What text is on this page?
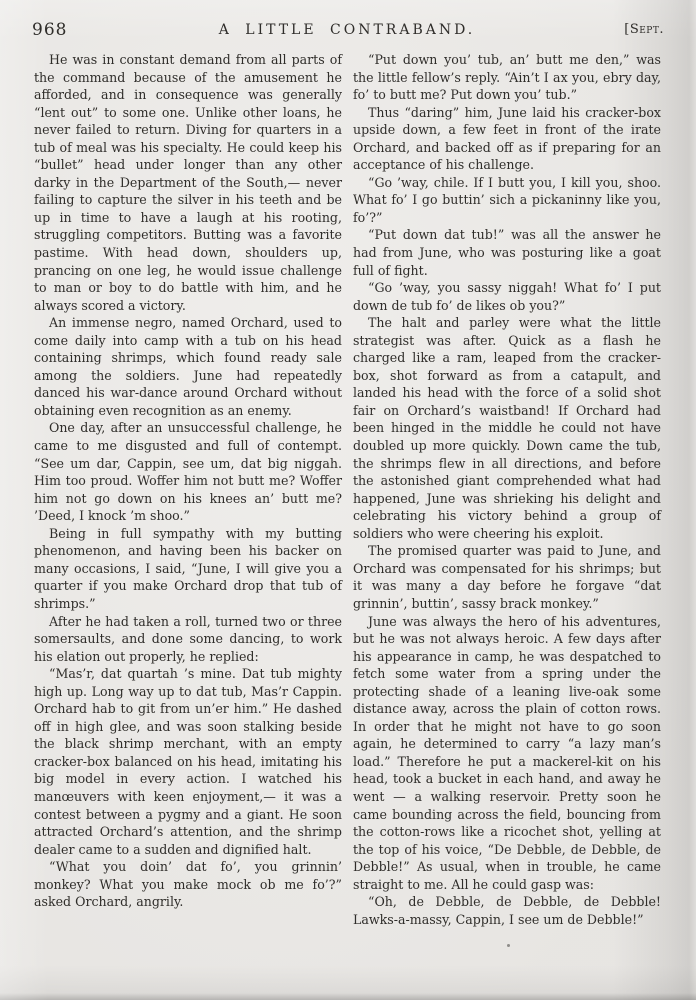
968	A LITTLE CONTRABAND.	[Sept.

He was in constant demand from all parts of the command because of the amusement he afforded, and in consequence was generally “lent out” to some one. Unlike other loans, he never failed to return. Diving for quarters in a tub of meal was his specialty. He could keep his “bullet” head under longer than any other darky in the Department of the South,— never failing to capture the silver in his teeth and be up in time to have a laugh at his rooting, struggling competitors. Butting was a favorite pastime. With head down, shoulders up, prancing on one leg, he would issue challenge to man or boy to do battle with him, and he always scored a victory.

An immense negro, named Orchard, used to come daily into camp with a tub on his head containing shrimps, which found ready sale among the soldiers. June had repeatedly danced his war-dance around Orchard without obtaining even recognition as an enemy.

One day, after an unsuccessful challenge, he came to me disgusted and full of contempt. “See um dar, Cappin, see um, dat big niggah. Him too proud. Woffer him not butt me? Woffer him not go down on his knees an’ butt me? ’Deed, I knock ’m shoo.”

Being in full sympathy with my butting phenomenon, and having been his backer on many occasions, I said, “June, I will give you a quarter if you make Orchard drop that tub of shrimps.”

After he had taken a roll, turned two or three somersaults, and done some dancing, to work his elation out properly, he replied:

“Mas’r, dat quartah ’s mine. Dat tub mighty high up. Long way up to dat tub, Mas’r Cappin. Orchard hab to git from un’er him.” He dashed off in high glee, and was soon stalking beside the black shrimp merchant, with an empty cracker-box balanced on his head, imitating his big model in every action. I watched his manœuvers with keen enjoyment,— it was a contest between a pygmy and a giant. He soon attracted Orchard’s attention, and the shrimp dealer came to a sudden and dignified halt.

“What you doin’ dat fo’, you grinnin’ monkey? What you make mock ob me fo’?” asked Orchard, angrily.

“Put down you’ tub, an’ butt me den,” was the little fellow’s reply. “Ain’t I ax you, ebry day, fo’ to butt me? Put down you’ tub.”

Thus “daring” him, June laid his cracker-box upside down, a few feet in front of the irate Orchard, and backed off as if preparing for an acceptance of his challenge.

“Go ’way, chile. If I butt you, I kill you, shoo. What fo’ I go buttin’ sich a pickaninny like you, fo’?”

“Put down dat tub!” was all the answer he had from June, who was posturing like a goat full of fight.

“Go ’way, you sassy niggah! What fo’ I put down de tub fo’ de likes ob you?”

The halt and parley were what the little strategist was after. Quick as a flash he charged like a ram, leaped from the cracker-box, shot forward as from a catapult, and landed his head with the force of a solid shot fair on Orchard’s waistband! If Orchard had been hinged in the middle he could not have doubled up more quickly. Down came the tub, the shrimps flew in all directions, and before the astonished giant comprehended what had happened, June was shrieking his delight and celebrating his victory behind a group of soldiers who were cheering his exploit.

The promised quarter was paid to June, and Orchard was compensated for his shrimps; but it was many a day before he forgave “dat grinnin’, buttin’, sassy brack monkey.”

June was always the hero of his adventures, but he was not always heroic. A few days after his appearance in camp, he was despatched to fetch some water from a spring under the protecting shade of a leaning live-oak some distance away, across the plain of cotton rows. In order that he might not have to go soon again, he determined to carry “a lazy man’s load.” Therefore he put a mackerel-kit on his head, took a bucket in each hand, and away he went — a walking reservoir. Pretty soon he came bounding across the field, bouncing from the cotton-rows like a ricochet shot, yelling at the top of his voice, “De Debble, de Debble, de Debble!” As usual, when in trouble, he came straight to me. All he could gasp was:

“Oh, de Debble, de Debble, de Debble! Lawks-a-massy, Cappin, I see um de Debble!”
